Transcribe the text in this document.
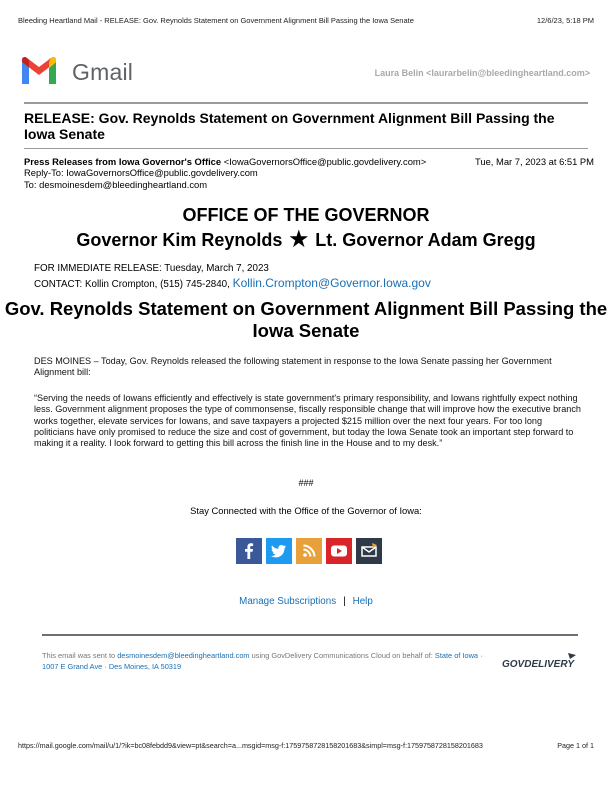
Bleeding Heartland Mail - RELEASE: Gov. Reynolds Statement on Government Alignment Bill Passing the Iowa Senate	12/6/23, 5:18 PM
Gmail	Laura Belin <laurarbelin@bleedingheartland.com>
RELEASE: Gov. Reynolds Statement on Government Alignment Bill Passing the Iowa Senate
Press Releases from Iowa Governor's Office <IowaGovernorsOffice@public.govdelivery.com>	Tue, Mar 7, 2023 at 6:51 PM
Reply-To: IowaGovernorsOffice@public.govdelivery.com
To: desmoinesdem@bleedingheartland.com
OFFICE OF THE GOVERNOR
Governor Kim Reynolds ★ Lt. Governor Adam Gregg
FOR IMMEDIATE RELEASE: Tuesday, March 7, 2023
CONTACT: Kollin Crompton, (515) 745-2840, Kollin.Crompton@Governor.Iowa.gov
Gov. Reynolds Statement on Government Alignment Bill Passing the Iowa Senate
DES MOINES – Today, Gov. Reynolds released the following statement in response to the Iowa Senate passing her Government Alignment bill:
“Serving the needs of Iowans efficiently and effectively is state government's primary responsibility, and Iowans rightfully expect nothing less. Government alignment proposes the type of commonsense, fiscally responsible change that will improve how the executive branch works together, elevate services for Iowans, and save taxpayers a projected $215 million over the next four years. For too long politicians have only promised to reduce the size and cost of government, but today the Iowa Senate took an important step forward to making it a reality. I look forward to getting this bill across the finish line in the House and to my desk.”
###
Stay Connected with the Office of the Governor of Iowa:
Manage Subscriptions | Help
This email was sent to desmoinesdem@bleedingheartland.com using GovDelivery Communications Cloud on behalf of: State of Iowa · 1007 E Grand Ave · Des Moines, IA 50319	GOVDELIVERY
https://mail.google.com/mail/u/1/?ik=bc08febdd9&view=pt&search=a...msgid=msg-f:1759758728158201683&simpl=msg-f:1759758728158201683	Page 1 of 1
